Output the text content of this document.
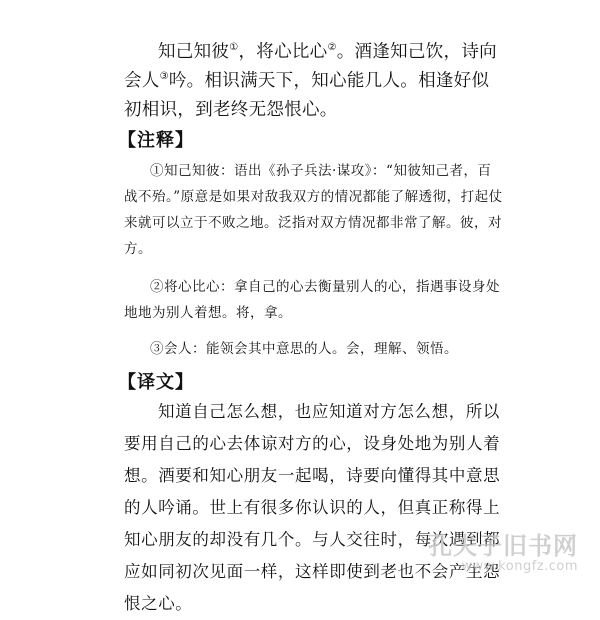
知己知彼①，将心比心②。酒逢知己饮，诗向会人③吟。相识满天下，知心能几人。相逢好似初相识，到老终无怨恨心。

【注释】

①知己知彼：语出《孙子兵法·谋攻》：“知彼知己者，百战不殆。”原意是如果对敌我双方的情况都能了解透彻，打起仗来就可以立于不败之地。泛指对双方情况都非常了解。彼，对方。

②将心比心：拿自己的心去衡量别人的心，指遇事设身处地地为别人着想。将，拿。

③会人：能领会其中意思的人。会，理解、领悟。

【译文】

知道自己怎么想，也应知道对方怎么想，所以要用自己的心去体谅对方的心，设身处地为别人着想。酒要和知心朋友一起喝，诗要向懂得其中意思的人吟诵。世上有很多你认识的人，但真正称得上知心朋友的却没有几个。与人交往时，每次遇到都应如同初次见面一样，这样即使到老也不会产生怨恨之心。

孔夫子旧书网
www.kongfz.com
